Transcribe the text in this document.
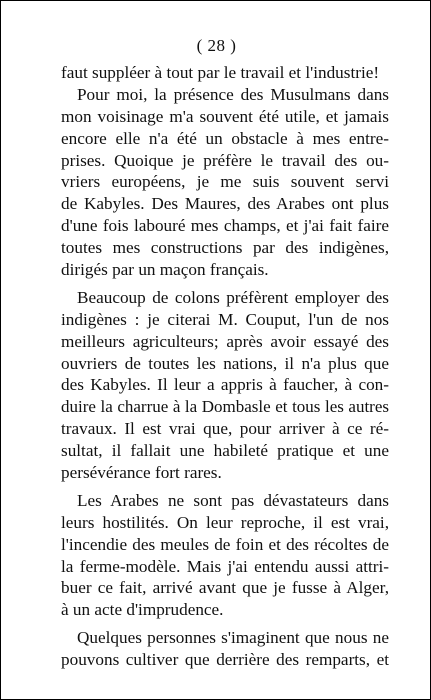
( 28 )
faut suppléer à tout par le travail et l'industrie!
Pour moi, la présence des Musulmans dans
mon voisinage m'a souvent été utile, et jamais
encore elle n'a été un obstacle à mes entre-
prises. Quoique je préfère le travail des ou-
vriers européens, je me suis souvent servi
de Kabyles. Des Maures, des Arabes ont plus
d'une fois labouré mes champs, et j'ai fait faire
toutes mes constructions par des indigènes,
dirigés par un maçon français.
Beaucoup de colons préfèrent employer des
indigènes : je citerai M. Couput, l'un de nos
meilleurs agriculteurs; après avoir essayé des
ouvriers de toutes les nations, il n'a plus que
des Kabyles. Il leur a appris à faucher, à con-
duire la charrue à la Dombasle et tous les autres
travaux. Il est vrai que, pour arriver à ce ré-
sultat, il fallait une habileté pratique et une
persévérance fort rares.
Les Arabes ne sont pas dévastateurs dans
leurs hostilités. On leur reproche, il est vrai,
l'incendie des meules de foin et des récoltes de
la ferme-modèle. Mais j'ai entendu aussi attri-
buer ce fait, arrivé avant que je fusse à Alger,
à un acte d'imprudence.
Quelques personnes s'imaginent que nous ne
pouvons cultiver que derrière des remparts, et
